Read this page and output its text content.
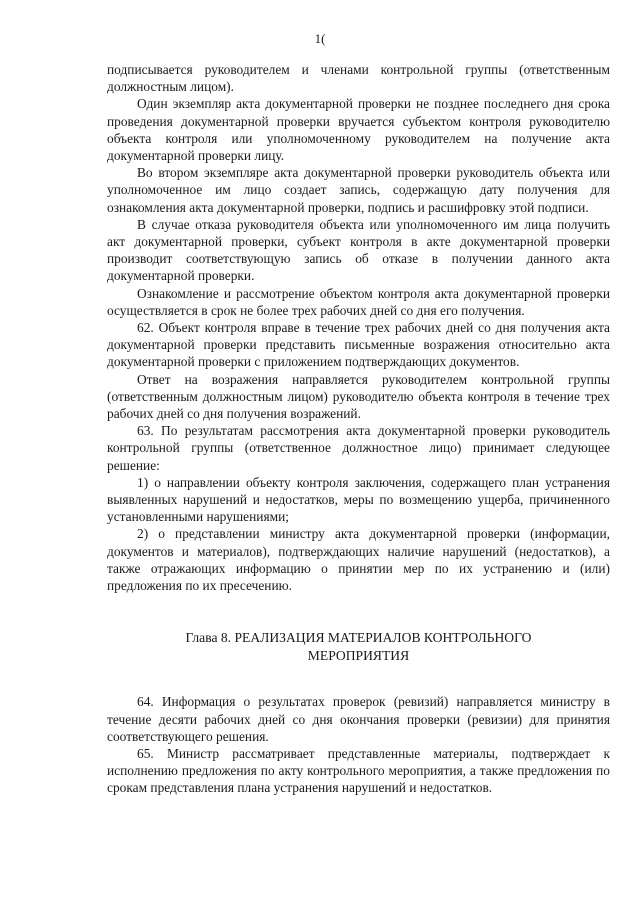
1(

подписывается руководителем и членами контрольной группы (ответственным должностным лицом).

Один экземпляр акта документарной проверки не позднее последнего дня срока проведения документарной проверки вручается субъектом контроля руководителю объекта контроля или уполномоченному руководителем на получение акта документарной проверки лицу.

Во втором экземпляре акта документарной проверки руководитель объекта или уполномоченное им лицо создает запись, содержащую дату получения для ознакомления акта документарной проверки, подпись и расшифровку этой подписи.

В случае отказа руководителя объекта или уполномоченного им лица получить акт документарной проверки, субъект контроля в акте документарной проверки производит соответствующую запись об отказе в получении данного акта документарной проверки.

Ознакомление и рассмотрение объектом контроля акта документарной проверки осуществляется в срок не более трех рабочих дней со дня его получения.

62. Объект контроля вправе в течение трех рабочих дней со дня получения акта документарной проверки представить письменные возражения относительно акта документарной проверки с приложением подтверждающих документов.

Ответ на возражения направляется руководителем контрольной группы (ответственным должностным лицом) руководителю объекта контроля в течение трех рабочих дней со дня получения возражений.

63. По результатам рассмотрения акта документарной проверки руководитель контрольной группы (ответственное должностное лицо) принимает следующее решение:

1) о направлении объекту контроля заключения, содержащего план устранения выявленных нарушений и недостатков, меры по возмещению ущерба, причиненного установленными нарушениями;

2) о представлении министру акта документарной проверки (информации, документов и материалов), подтверждающих наличие нарушений (недостатков), а также отражающих информацию о принятии мер по их устранению и (или) предложения по их пресечению.

Глава 8. РЕАЛИЗАЦИЯ МАТЕРИАЛОВ КОНТРОЛЬНОГО
МЕРОПРИЯТИЯ

64. Информация о результатах проверок (ревизий) направляется министру в течение десяти рабочих дней со дня окончания проверки (ревизии) для принятия соответствующего решения.

65. Министр рассматривает представленные материалы, подтверждает к исполнению предложения по акту контрольного мероприятия, а также предложения по срокам представления плана устранения нарушений и недостатков.
